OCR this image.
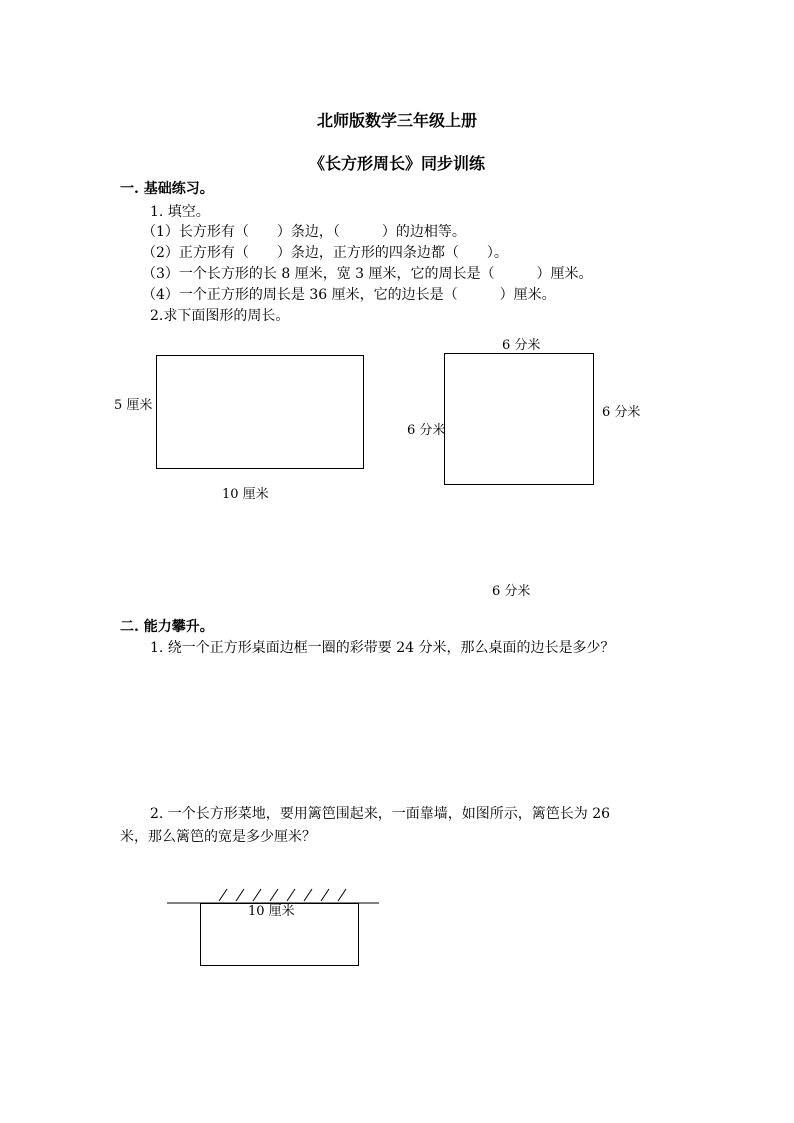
北师版数学三年级上册
《长方形周长》同步训练
一. 基础练习。
1. 填空。
（1）长方形有（　　）条边，（　　　）的边相等。
（2）正方形有（　　）条边，正方形的四条边都（　　）。
（3）一个长方形的长 8 厘米，宽 3 厘米，它的周长是（　　　）厘米。
（4）一个正方形的周长是 36 厘米，它的边长是（　　　）厘米。
2.求下面图形的周长。
5 厘米
10 厘米
6 分米
6 分米
6 分米
6 分米
二. 能力攀升。
1. 绕一个正方形桌面边框一圈的彩带要 24 分米，那么桌面的边长是多少？
2. 一个长方形菜地，要用篱笆围起来，一面靠墙，如图所示，篱笆长为 26
米，那么篱笆的宽是多少厘米？
10 厘米
